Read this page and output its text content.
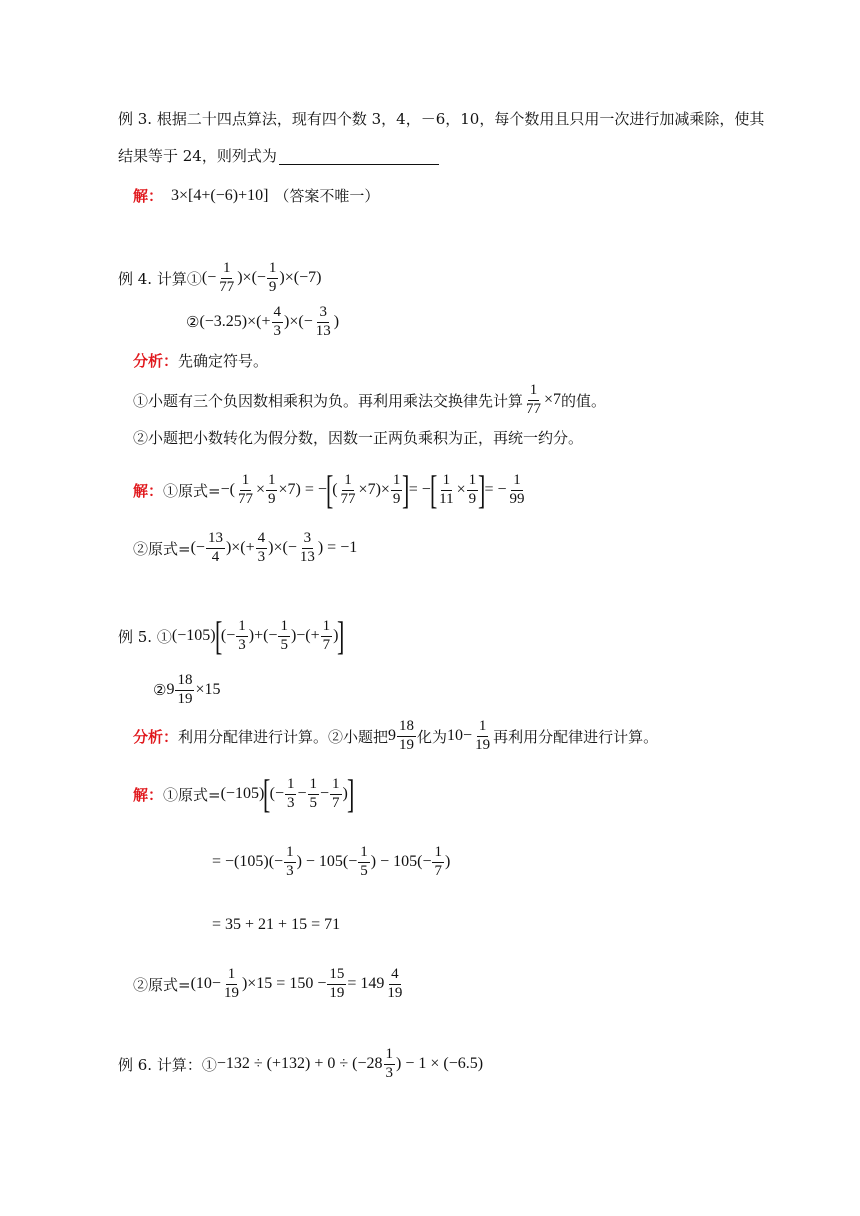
例 3. 根据二十四点算法，现有四个数 3，4，－6，10，每个数用且只用一次进行加减乘除，使其
结果等于 24，则列式为
解： 3×[4+(−6)+10] （答案不唯一）
例 4. 计算① (− $\frac{1}{77}$ )×(− $\frac{1}{9} )\times(-7)$
② $(-3.25)\times(+ \frac{4}{3}$ )×(− $\frac{3}{13}$ )
分析： 先确定符号。
①小题有三个负因数相乘积为负。再利用乘法交换律先计算 $\frac{1}{77} \times 7$ 的值。
②小题把小数转化为假分数，因数一正两负乘积为正，再统一约分。
解： ①原式= −( $\frac{1}{77} \times \frac{1}{9} \times 7$) = −
[
( $\frac{1}{77} \times 7)\times \frac{1}{9}$ ]
= −
[ $\frac{1}{11} \times \frac{1}{9}$ ]
= − $\frac{1}{99}$
②原式= (− $\frac{13}{4}$ )×(+ $\frac{4}{3}$ )×(− $\frac{3}{13}$ ) = −1
例 5. ① (−105)
[
(− $\frac{1}{3}$ )+(− $\frac{1}{5}$ )−(+ $\frac{1}{7}$ )
]
② $9 \frac{18}{19} \times 15$
分析： 利用分配律进行计算。②小题把 $9 \frac{18}{19}$ 化为 $10- \frac{1}{19}$ 再利用分配律进行计算。
解： ①原式= (−105)
[
(− $\frac{1}{3} - \frac{1}{5} - \frac{1}{7}$ )
]
= $-(105)(- \frac{1}{3}$ ) − $105(- \frac{1}{5}$ ) − $105(- \frac{1}{7}$ )
= 35 + 21 + 15 = 71
②原式= $(10- \frac{1}{19} )\times 15 = 150 - \frac{15}{19} = 149 \frac{4}{19}$
例 6. 计算：① $-132 \div (+132) + 0 \div (-28 \frac{1}{3}$ ) − 1 × (−6.5)
